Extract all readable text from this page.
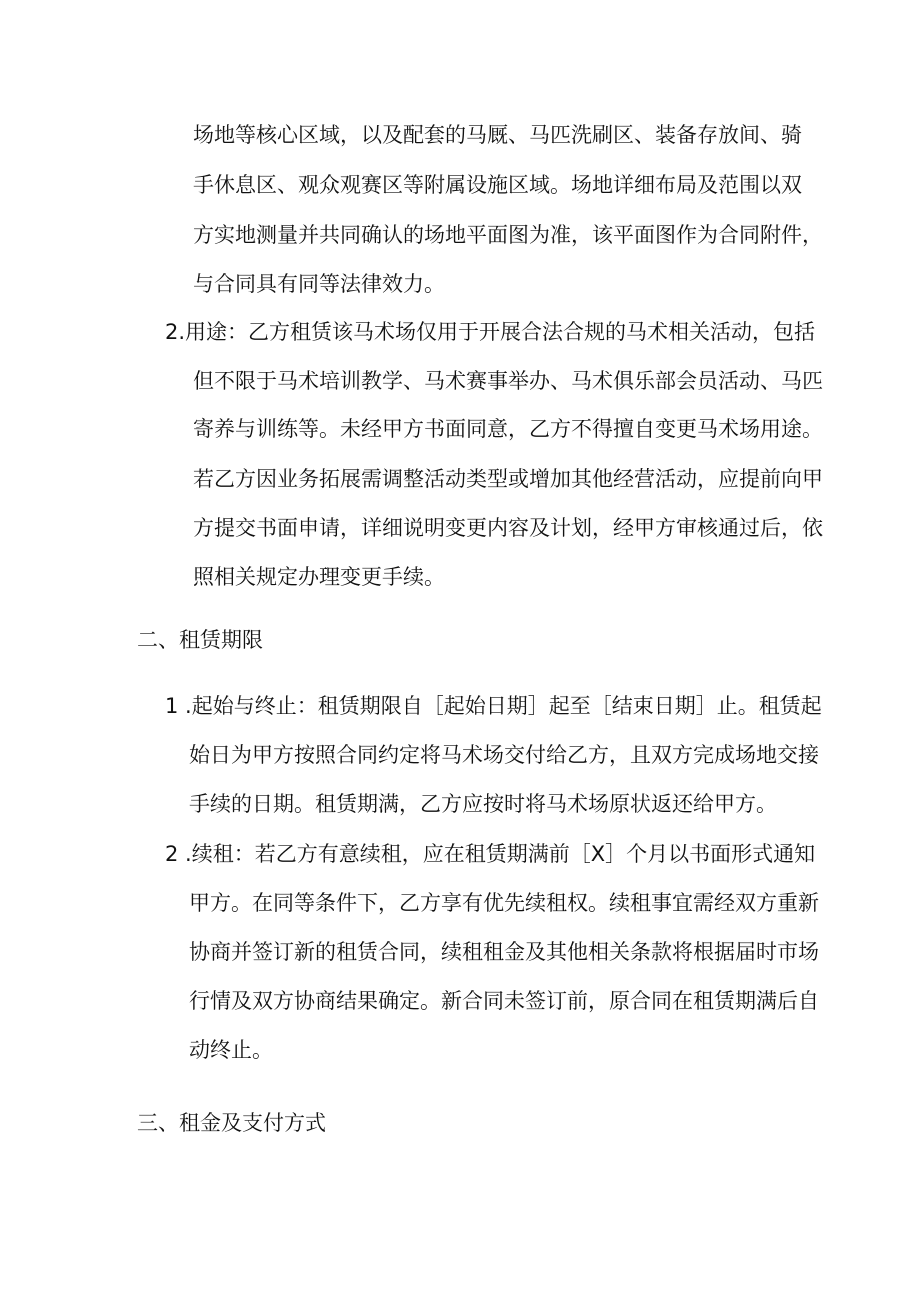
场地等核心区域，以及配套的马厩、马匹洗刷区、装备存放间、骑
手休息区、观众观赛区等附属设施区域。场地详细布局及范围以双
方实地测量并共同确认的场地平面图为准，该平面图作为合同附件，
与合同具有同等法律效力。
2.用途：乙方租赁该马术场仅用于开展合法合规的马术相关活动，包括
但不限于马术培训教学、马术赛事举办、马术俱乐部会员活动、马匹
寄养与训练等。未经甲方书面同意，乙方不得擅自变更马术场用途。
若乙方因业务拓展需调整活动类型或增加其他经营活动，应提前向甲
方提交书面申请，详细说明变更内容及计划，经甲方审核通过后，依
照相关规定办理变更手续。
二、租赁期限
1 .起始与终止：租赁期限自［起始日期］起至［结束日期］止。租赁起
始日为甲方按照合同约定将马术场交付给乙方，且双方完成场地交接
手续的日期。租赁期满，乙方应按时将马术场原状返还给甲方。
2 .续租：若乙方有意续租，应在租赁期满前［X］个月以书面形式通知
甲方。在同等条件下，乙方享有优先续租权。续租事宜需经双方重新
协商并签订新的租赁合同，续租租金及其他相关条款将根据届时市场
行情及双方协商结果确定。新合同未签订前，原合同在租赁期满后自
动终止。
三、租金及支付方式
